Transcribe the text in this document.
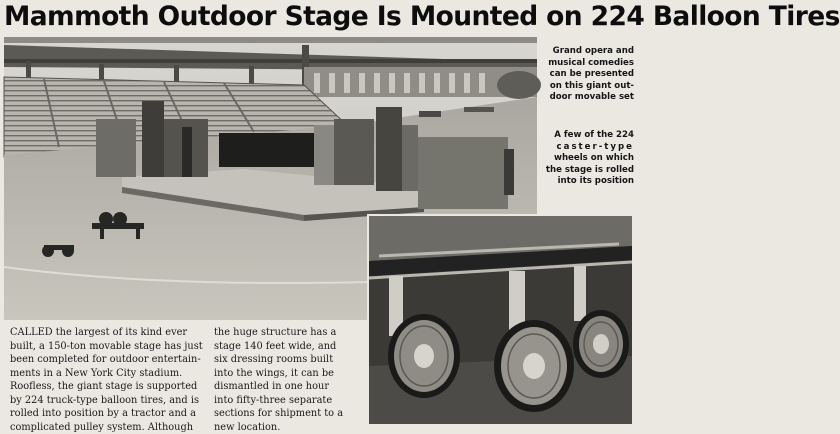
Mammoth Outdoor Stage Is Mounted on 224 Balloon Tires
Grand opera and
musical comedies
can be presented
on this giant out-
door movable set
A few of the 224
caster-type
wheels on which
the stage is rolled
into its position
CALLED the largest of its kind ever
built, a 150-ton movable stage has just
been completed for outdoor entertain-
ments in a New York City stadium.
Roofless, the giant stage is supported
by 224 truck-type balloon tires, and is
rolled into position by a tractor and a
complicated pulley system. Although
the huge structure has a
stage 140 feet wide, and
six dressing rooms built
into the wings, it can be
dismantled in one hour
into fifty-three separate
sections for shipment to a
new location.
